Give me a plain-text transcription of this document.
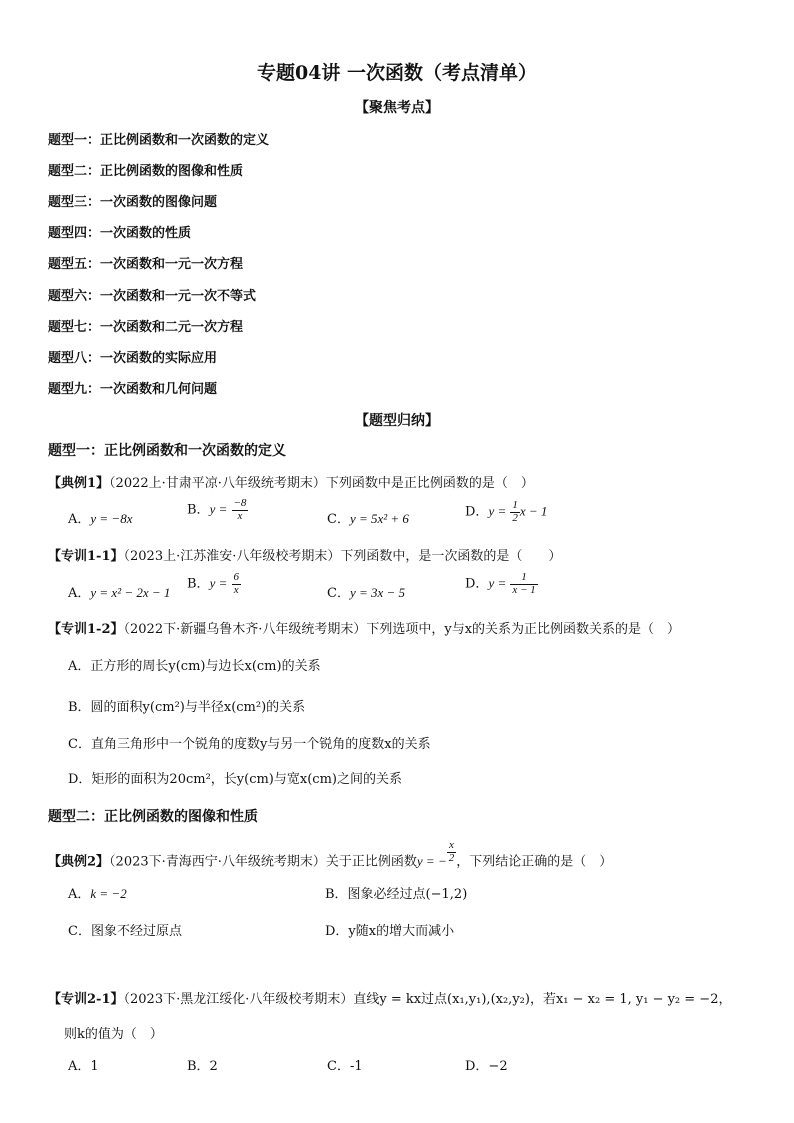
专题04讲 一次函数（考点清单）
【聚焦考点】
题型一：正比例函数和一次函数的定义
题型二：正比例函数的图像和性质
题型三：一次函数的图像问题
题型四：一次函数的性质
题型五：一次函数和一元一次方程
题型六：一次函数和一元一次不等式
题型七：一次函数和二元一次方程
题型八：一次函数的实际应用
题型九：一次函数和几何问题
【题型归纳】
题型一：正比例函数和一次函数的定义
【典例1】（2022上·甘肃平凉·八年级统考期末）下列函数中是正比例函数的是（　）
A．y = −8x
B．$y = \frac{-8}{x}$	C．y = 5x² + 6	D．$y = \frac{1}{2}$ x − 1
【专训1-1】（2023上·江苏淮安·八年级校考期末）下列函数中，是一次函数的是（　　）
A．y = x² − 2x − 1
B．$y = \frac{6}{x}$	C．y = 3x − 5
D．$y = \frac{1}{x - 1}$
【专训1-2】（2022下·新疆乌鲁木齐·八年级统考期末）下列选项中，y与x的关系为正比例函数关系的是（　）
A．正方形的周长y(cm)与边长x(cm)的关系
B．圆的面积y(cm²)与半径x(cm²)的关系
C．直角三角形中一个锐角的度数y与另一个锐角的度数x的关系
D．矩形的面积为20cm²，长y(cm)与宽x(cm)之间的关系
题型二：正比例函数的图像和性质
【典例2】（2023下·青海西宁·八年级统考期末）关于正比例函数y = − $\frac{x}{2}$ ，下列结论正确的是（　）
A．k = −2	B．图象必经过点(−1,2)
C．图象不经过原点	D．y随x的增大而减小
【专训2-1】（2023下·黑龙江绥化·八年级校考期末）直线y = kx过点(x₁,y₁),(x₂,y₂)，若x₁ − x₂ = 1, y₁ − y₂ = −2，
则k的值为（　）
A．1	B．2	C．-1	D．−2
